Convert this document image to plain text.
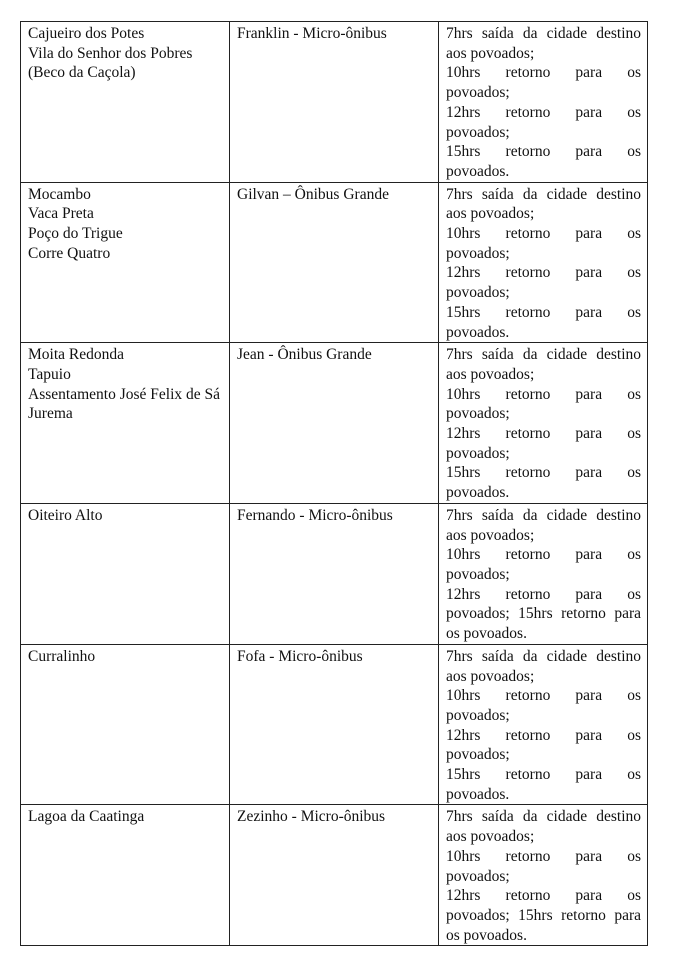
Cajueiro dos Potes
Vila do Senhor dos Pobres
(Beco da Caçola)	Franklin - Micro-ônibus	7hrs saída da cidade destino aos povoados;
10hrs retorno para os povoados;
12hrs retorno para os povoados;
15hrs retorno para os povoados.

Mocambo
Vaca Preta
Poço do Trigue
Corre Quatro	Gilvan – Ônibus Grande	7hrs saída da cidade destino aos povoados;
10hrs retorno para os povoados;
12hrs retorno para os povoados;
15hrs retorno para os povoados.

Moita Redonda
Tapuio
Assentamento José Felix de Sá
Jurema	Jean - Ônibus Grande	7hrs saída da cidade destino aos povoados;
10hrs retorno para os povoados;
12hrs retorno para os povoados;
15hrs retorno para os povoados.

Oiteiro Alto	Fernando - Micro-ônibus	7hrs saída da cidade destino aos povoados;
10hrs retorno para os povoados;
12hrs retorno para os povoados; 15hrs retorno para os povoados.

Curralinho	Fofa - Micro-ônibus	7hrs saída da cidade destino aos povoados;
10hrs retorno para os povoados;
12hrs retorno para os povoados;
15hrs retorno para os povoados.

Lagoa da Caatinga	Zezinho - Micro-ônibus	7hrs saída da cidade destino aos povoados;
10hrs retorno para os povoados;
12hrs retorno para os povoados; 15hrs retorno para os povoados.
